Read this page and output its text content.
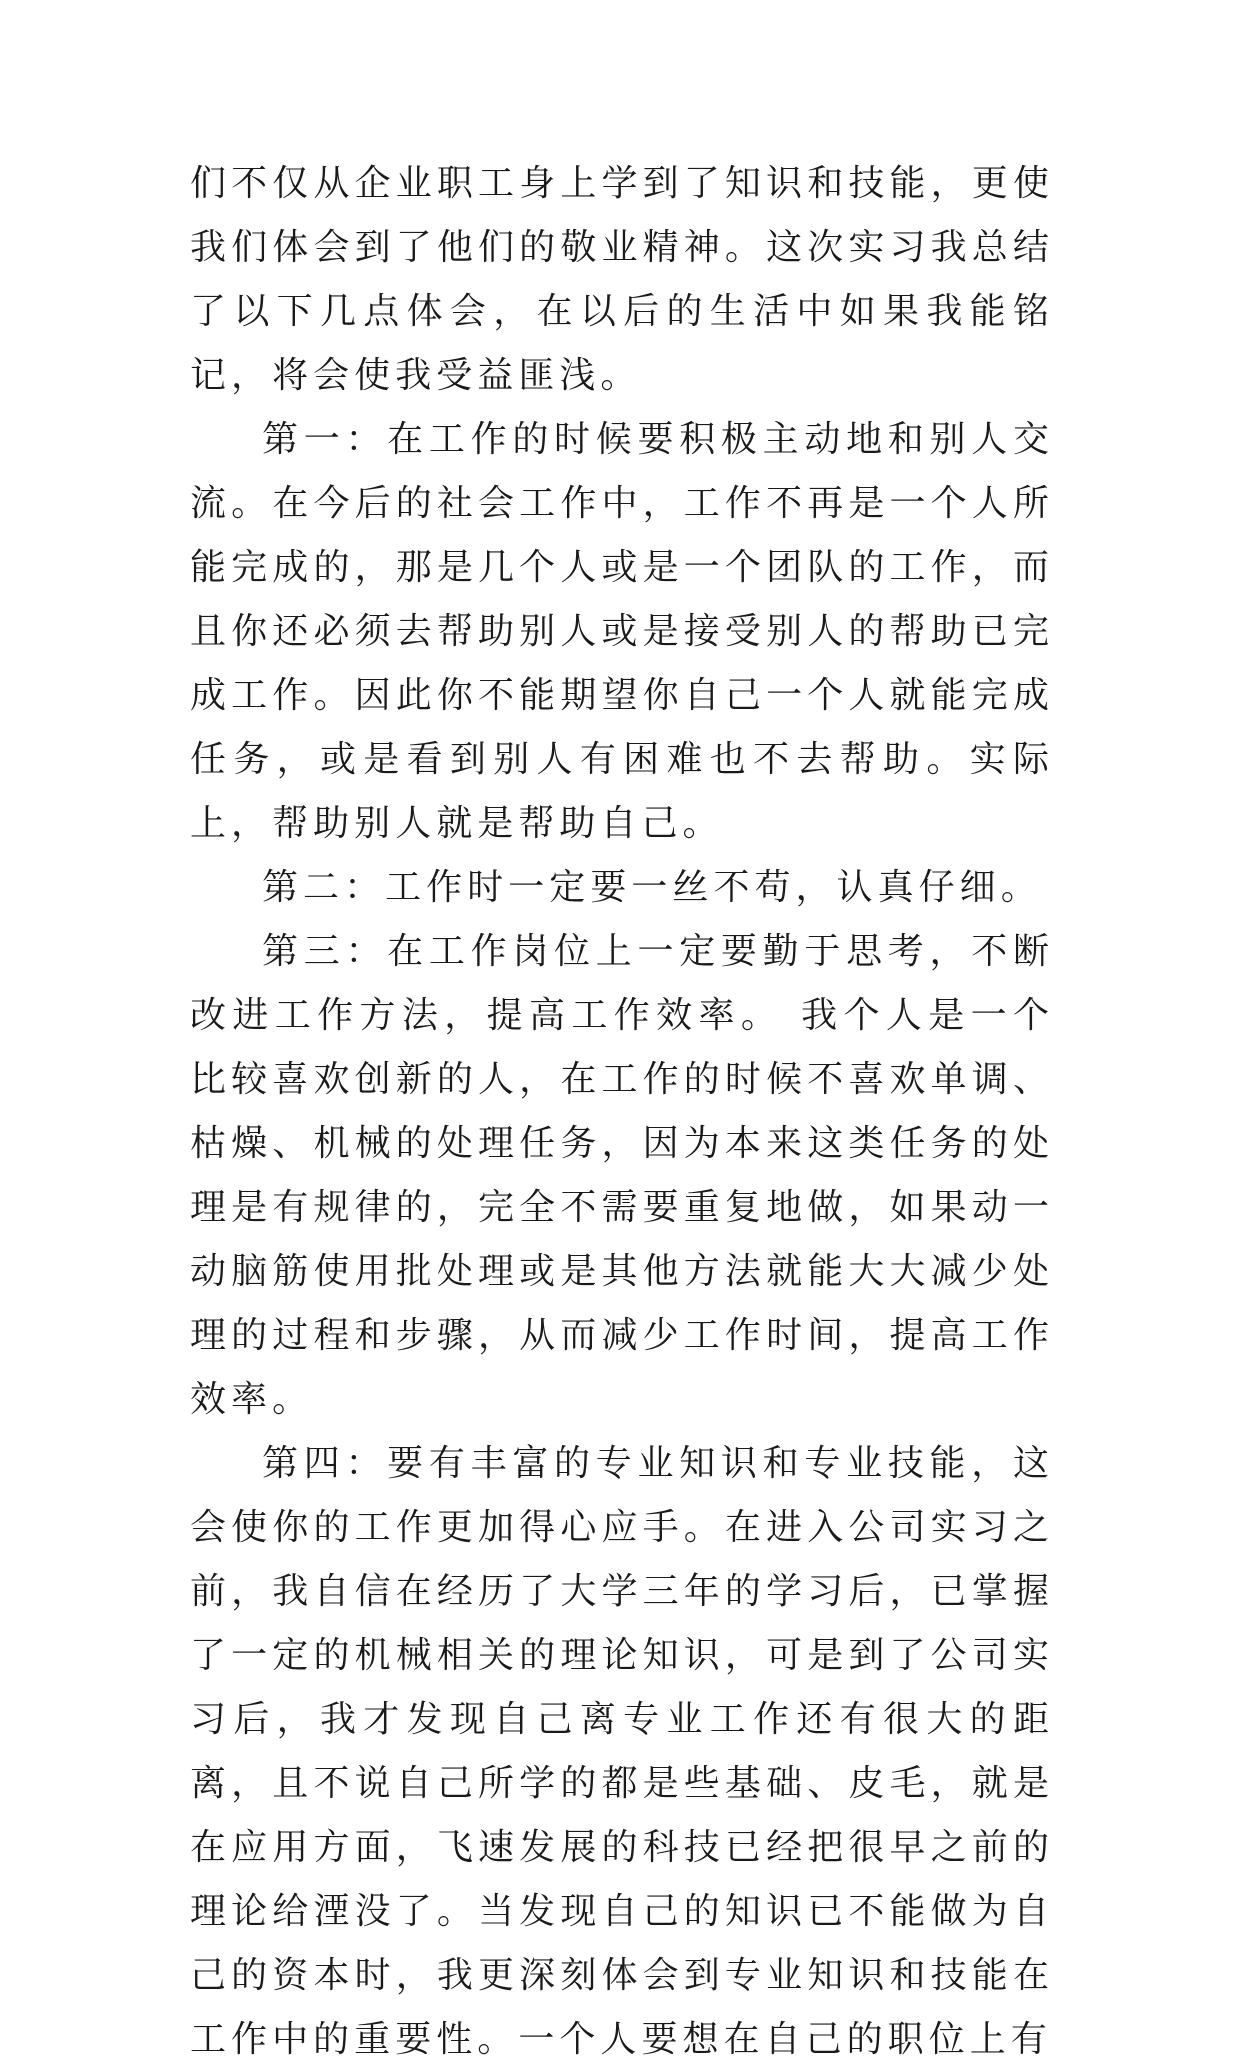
们不仅从企业职工身上学到了知识和技能，更使我们体会到了他们的敬业精神。这次实习我总结了以下几点体会，在以后的生活中如果我能铭记，将会使我受益匪浅。

第一：在工作的时候要积极主动地和别人交流。在今后的社会工作中，工作不再是一个人所能完成的，那是几个人或是一个团队的工作，而且你还必须去帮助别人或是接受别人的帮助已完成工作。因此你不能期望你自己一个人就能完成任务，或是看到别人有困难也不去帮助。实际上，帮助别人就是帮助自己。

第二：工作时一定要一丝不苟，认真仔细。

第三：在工作岗位上一定要勤于思考，不断改进工作方法，提高工作效率。 我个人是一个比较喜欢创新的人，在工作的时候不喜欢单调、枯燥、机械的处理任务，因为本来这类任务的处理是有规律的，完全不需要重复地做，如果动一动脑筋使用批处理或是其他方法就能大大减少处理的过程和步骤，从而减少工作时间，提高工作效率。

第四：要有丰富的专业知识和专业技能，这会使你的工作更加得心应手。在进入公司实习之前，我自信在经历了大学三年的学习后，已掌握了一定的机械相关的理论知识，可是到了公司实习后，我才发现自己离专业工作还有很大的距离，且不说自己所学的都是些基础、皮毛，就是在应用方面，飞速发展的科技已经把很早之前的理论给湮没了。当发现自己的知识已不能做为自己的资本时，我更深刻体会到专业知识和技能在工作中的重要性。一个人要想在自己的职位上有
